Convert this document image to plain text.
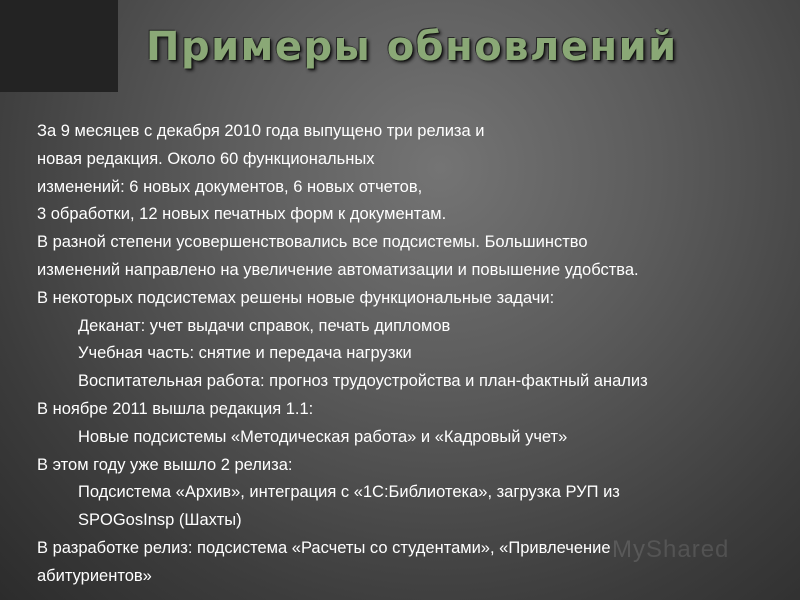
Примеры обновлений
За 9 месяцев с декабря 2010 года выпущено три релиза и
новая редакция. Около 60 функциональных
изменений: 6 новых документов, 6 новых отчетов,
3 обработки, 12 новых печатных форм к документам.
В разной степени усовершенствовались все подсистемы. Большинство
изменений направлено на увеличение автоматизации и повышение удобства.
В некоторых подсистемах решены новые функциональные задачи:
Деканат: учет выдачи справок, печать дипломов
Учебная часть: снятие и передача нагрузки
Воспитательная работа: прогноз трудоустройства и план-фактный анализ
В ноябре 2011 вышла редакция 1.1:
Новые подсистемы «Методическая работа» и «Кадровый учет»
В этом году уже вышло 2 релиза:
Подсистема «Архив», интеграция с «1С:Библиотека», загрузка РУП из
SPOGosInsp (Шахты)
В разработке релиз: подсистема «Расчеты со студентами», «Привлечение
абитуриентов»
MyShared
